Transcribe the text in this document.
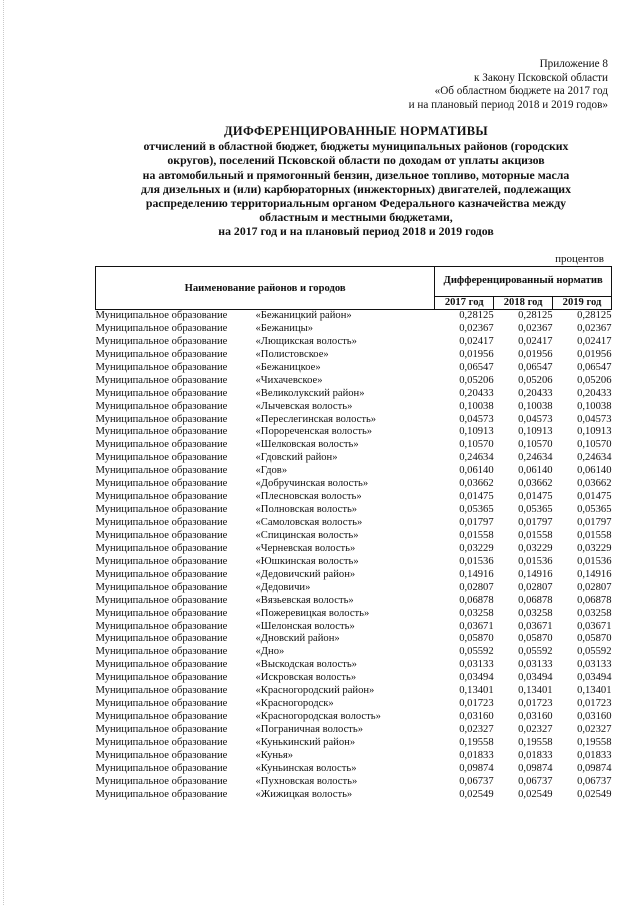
Приложение 8
к Закону Псковской области
«Об областном бюджете на 2017 год
и на плановый период 2018 и 2019 годов»
ДИФФЕРЕНЦИРОВАННЫЕ НОРМАТИВЫ
отчислений в областной бюджет, бюджеты муниципальных районов (городских
округов), поселений Псковской области по доходам от уплаты акцизов
на автомобильный и прямогонный бензин, дизельное топливо, моторные масла
для дизельных и (или) карбюраторных (инжекторных) двигателей, подлежащих
распределению территориальным органом Федерального казначейства между
областным и местными бюджетами,
на 2017 год и на плановый период 2018 и 2019 годов
процентов
Наименование районов и городов	Дифференцированный норматив		
	2017 год	2018 год	2019 год
Муниципальное образование «Бежаницкий район»	0,28125	0,28125	0,28125
Муниципальное образование «Бежаницы»	0,02367	0,02367	0,02367
Муниципальное образование «Лющикская волость»	0,02417	0,02417	0,02417
Муниципальное образование «Полистовское»	0,01956	0,01956	0,01956
Муниципальное образование «Бежаницкое»	0,06547	0,06547	0,06547
Муниципальное образование «Чихачевское»	0,05206	0,05206	0,05206
Муниципальное образование «Великолукский район»	0,20433	0,20433	0,20433
Муниципальное образование «Лычевская волость»	0,10038	0,10038	0,10038
Муниципальное образование «Переслегинская волость»	0,04573	0,04573	0,04573
Муниципальное образование «Порореченская волость»	0,10913	0,10913	0,10913
Муниципальное образование «Шелковская волость»	0,10570	0,10570	0,10570
Муниципальное образование «Гдовский район»	0,24634	0,24634	0,24634
Муниципальное образование «Гдов»	0,06140	0,06140	0,06140
Муниципальное образование «Добручинская волость»	0,03662	0,03662	0,03662
Муниципальное образование «Плесновская волость»	0,01475	0,01475	0,01475
Муниципальное образование «Полновская волость»	0,05365	0,05365	0,05365
Муниципальное образование «Самоловская волость»	0,01797	0,01797	0,01797
Муниципальное образование «Спицинская волость»	0,01558	0,01558	0,01558
Муниципальное образование «Черневская волость»	0,03229	0,03229	0,03229
Муниципальное образование «Юшкинская волость»	0,01536	0,01536	0,01536
Муниципальное образование «Дедовичский район»	0,14916	0,14916	0,14916
Муниципальное образование «Дедовичи»	0,02807	0,02807	0,02807
Муниципальное образование «Вязьевская волость»	0,06878	0,06878	0,06878
Муниципальное образование «Пожеревицкая волость»	0,03258	0,03258	0,03258
Муниципальное образование «Шелонская волость»	0,03671	0,03671	0,03671
Муниципальное образование «Дновский район»	0,05870	0,05870	0,05870
Муниципальное образование «Дно»	0,05592	0,05592	0,05592
Муниципальное образование «Выскодская волость»	0,03133	0,03133	0,03133
Муниципальное образование «Искровская волость»	0,03494	0,03494	0,03494
Муниципальное образование «Красногородский район»	0,13401	0,13401	0,13401
Муниципальное образование «Красногородск»	0,01723	0,01723	0,01723
Муниципальное образование «Красногородская волость»	0,03160	0,03160	0,03160
Муниципальное образование «Пограничная волость»	0,02327	0,02327	0,02327
Муниципальное образование «Кунькинский район»	0,19558	0,19558	0,19558
Муниципальное образование «Кунья»	0,01833	0,01833	0,01833
Муниципальное образование «Куньинская волость»	0,09874	0,09874	0,09874
Муниципальное образование «Пухновская волость»	0,06737	0,06737	0,06737
Муниципальное образование «Жижицкая волость»	0,02549	0,02549	0,02549
